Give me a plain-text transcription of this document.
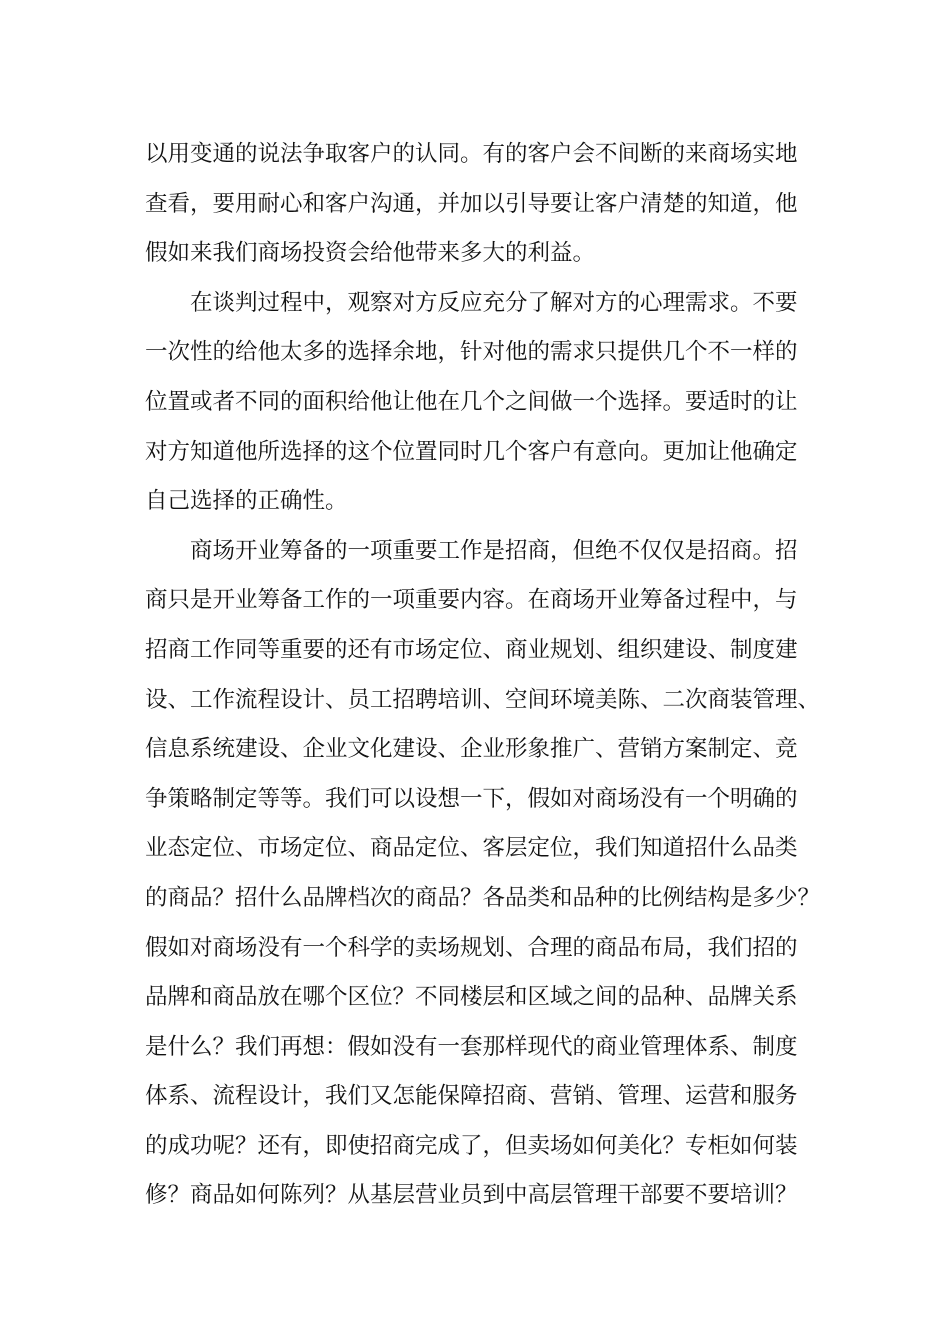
以用变通的说法争取客户的认同。有的客户会不间断的来商场实地
查看，要用耐心和客户沟通，并加以引导要让客户清楚的知道，他
假如来我们商场投资会给他带来多大的利益。
在谈判过程中，观察对方反应充分了解对方的心理需求。不要
一次性的给他太多的选择余地，针对他的需求只提供几个不一样的
位置或者不同的面积给他让他在几个之间做一个选择。要适时的让
对方知道他所选择的这个位置同时几个客户有意向。更加让他确定
自己选择的正确性。
商场开业筹备的一项重要工作是招商，但绝不仅仅是招商。招
商只是开业筹备工作的一项重要内容。在商场开业筹备过程中，与
招商工作同等重要的还有市场定位、商业规划、组织建设、制度建
设、工作流程设计、员工招聘培训、空间环境美陈、二次商装管理、
信息系统建设、企业文化建设、企业形象推广、营销方案制定、竞
争策略制定等等。我们可以设想一下，假如对商场没有一个明确的
业态定位、市场定位、商品定位、客层定位，我们知道招什么品类
的商品？招什么品牌档次的商品？各品类和品种的比例结构是多少？
假如对商场没有一个科学的卖场规划、合理的商品布局，我们招的
品牌和商品放在哪个区位？不同楼层和区域之间的品种、品牌关系
是什么？我们再想：假如没有一套那样现代的商业管理体系、制度
体系、流程设计，我们又怎能保障招商、营销、管理、运营和服务
的成功呢？还有，即使招商完成了，但卖场如何美化？专柜如何装
修？商品如何陈列？从基层营业员到中高层管理干部要不要培训？
